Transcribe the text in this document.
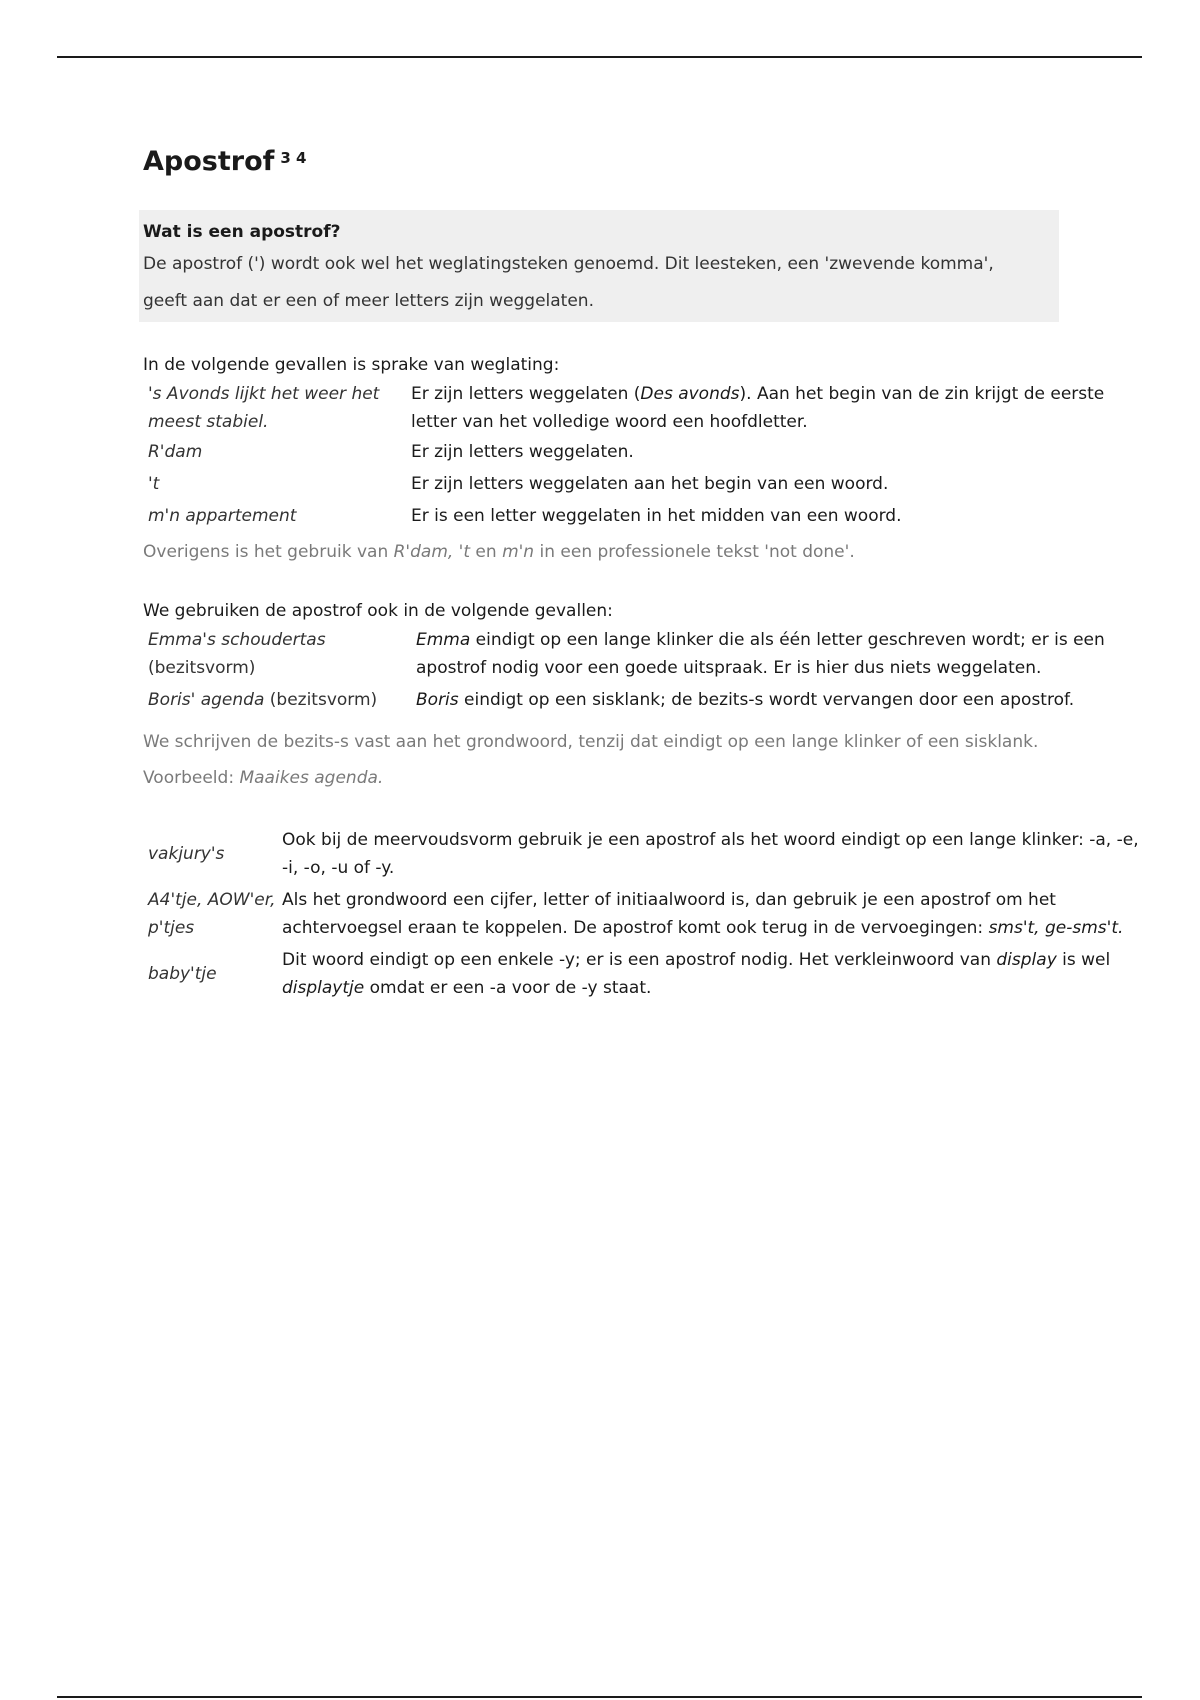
Apostrof $^{3 4}$
Wat is een apostrof?

De apostrof (') wordt ook wel het weglatingsteken genoemd. Dit leesteken, een 'zwevende komma',

geeft aan dat er een of meer letters zijn weggelaten.

In de volgende gevallen is sprake van weglating:

's Avonds lijkt het weer het meest stabiel.	Er zijn letters weggelaten (Des avonds). Aan het begin van de zin krijgt de eerste letter van het volledige woord een hoofdletter.
R'dam	Er zijn letters weggelaten.
't	Er zijn letters weggelaten aan het begin van een woord.
m'n appartement	Er is een letter weggelaten in het midden van een woord.

Overigens is het gebruik van R'dam, 't en m'n in een professionele tekst 'not done'.

We gebruiken de apostrof ook in de volgende gevallen:

Emma's schoudertas (bezitsvorm)	Emma eindigt op een lange klinker die als één letter geschreven wordt; er is een apostrof nodig voor een goede uitspraak. Er is hier dus niets weggelaten.
Boris' agenda (bezitsvorm)	Boris eindigt op een sisklank; de bezits-s wordt vervangen door een apostrof.

We schrijven de bezits-s vast aan het grondwoord, tenzij dat eindigt op een lange klinker of een sisklank. Voorbeeld: Maaikes agenda.

vakjury's	Ook bij de meervoudsvorm gebruik je een apostrof als het woord eindigt op een lange klinker: -a, -e, -i, -o, -u of -y.
A4'tje, AOW'er, p'tjes	Als het grondwoord een cijfer, letter of initiaalwoord is, dan gebruik je een apostrof om het achtervoegsel eraan te koppelen. De apostrof komt ook terug in de vervoegingen: sms't, ge-sms't.
baby'tje	Dit woord eindigt op een enkele -y; er is een apostrof nodig. Het verkleinwoord van display is wel displaytje omdat er een -a voor de -y staat.
